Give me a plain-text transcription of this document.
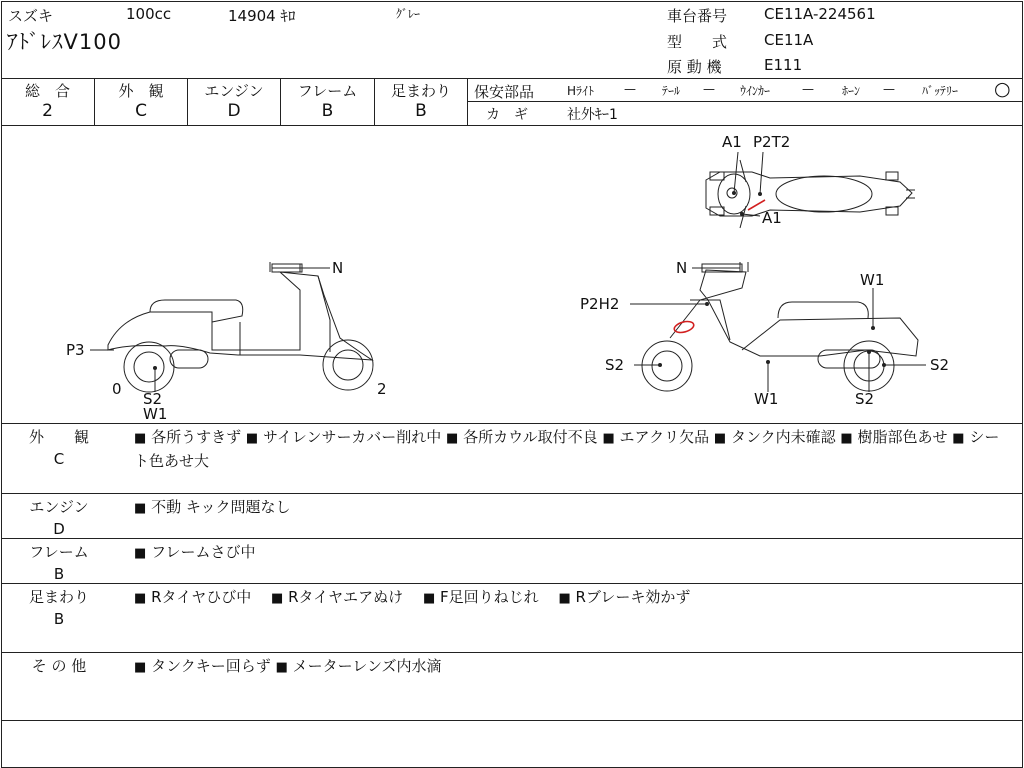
スズキ	100cc	14904 ｷﾛ	ｸﾞﾚｰ
ｱﾄﾞﾚｽV100
車台番号 CE11A-224561
型　　式 CE11A
原 動 機	E111
総　合
2
外　観
C
エンジン
D
フレーム
B
足まわり
B
保安部品	Hﾗｲﾄ — ﾃｰﾙ — ｳｲﾝｶｰ	— ﾎｰﾝ — ﾊﾞｯﾃﾘｰ ○
カ　ギ	社外ｷｰ1
A1 P2T2
A1
N
P3
0
S2
W1
2
N
P2H2
W1
S2	S2
W1	S2
外　　観
C
■ 各所うすきず ■ サイレンサーカバー削れ中 ■ 各所カウル取付不良 ■ エアクリ欠品 ■ タンク内未確認 ■ 樹脂部色あせ ■ シート色あせ大
エンジン
D
■ 不動 キック問題なし
フレーム
B
■ フレームさび中
足まわり
B
■ Rタイヤひび中　 ■ Rタイヤエアぬけ　 ■ F足回りねじれ　 ■ Rブレーキ効かず
そ の 他	■ タンクキー回らず ■ メーターレンズ内水滴
